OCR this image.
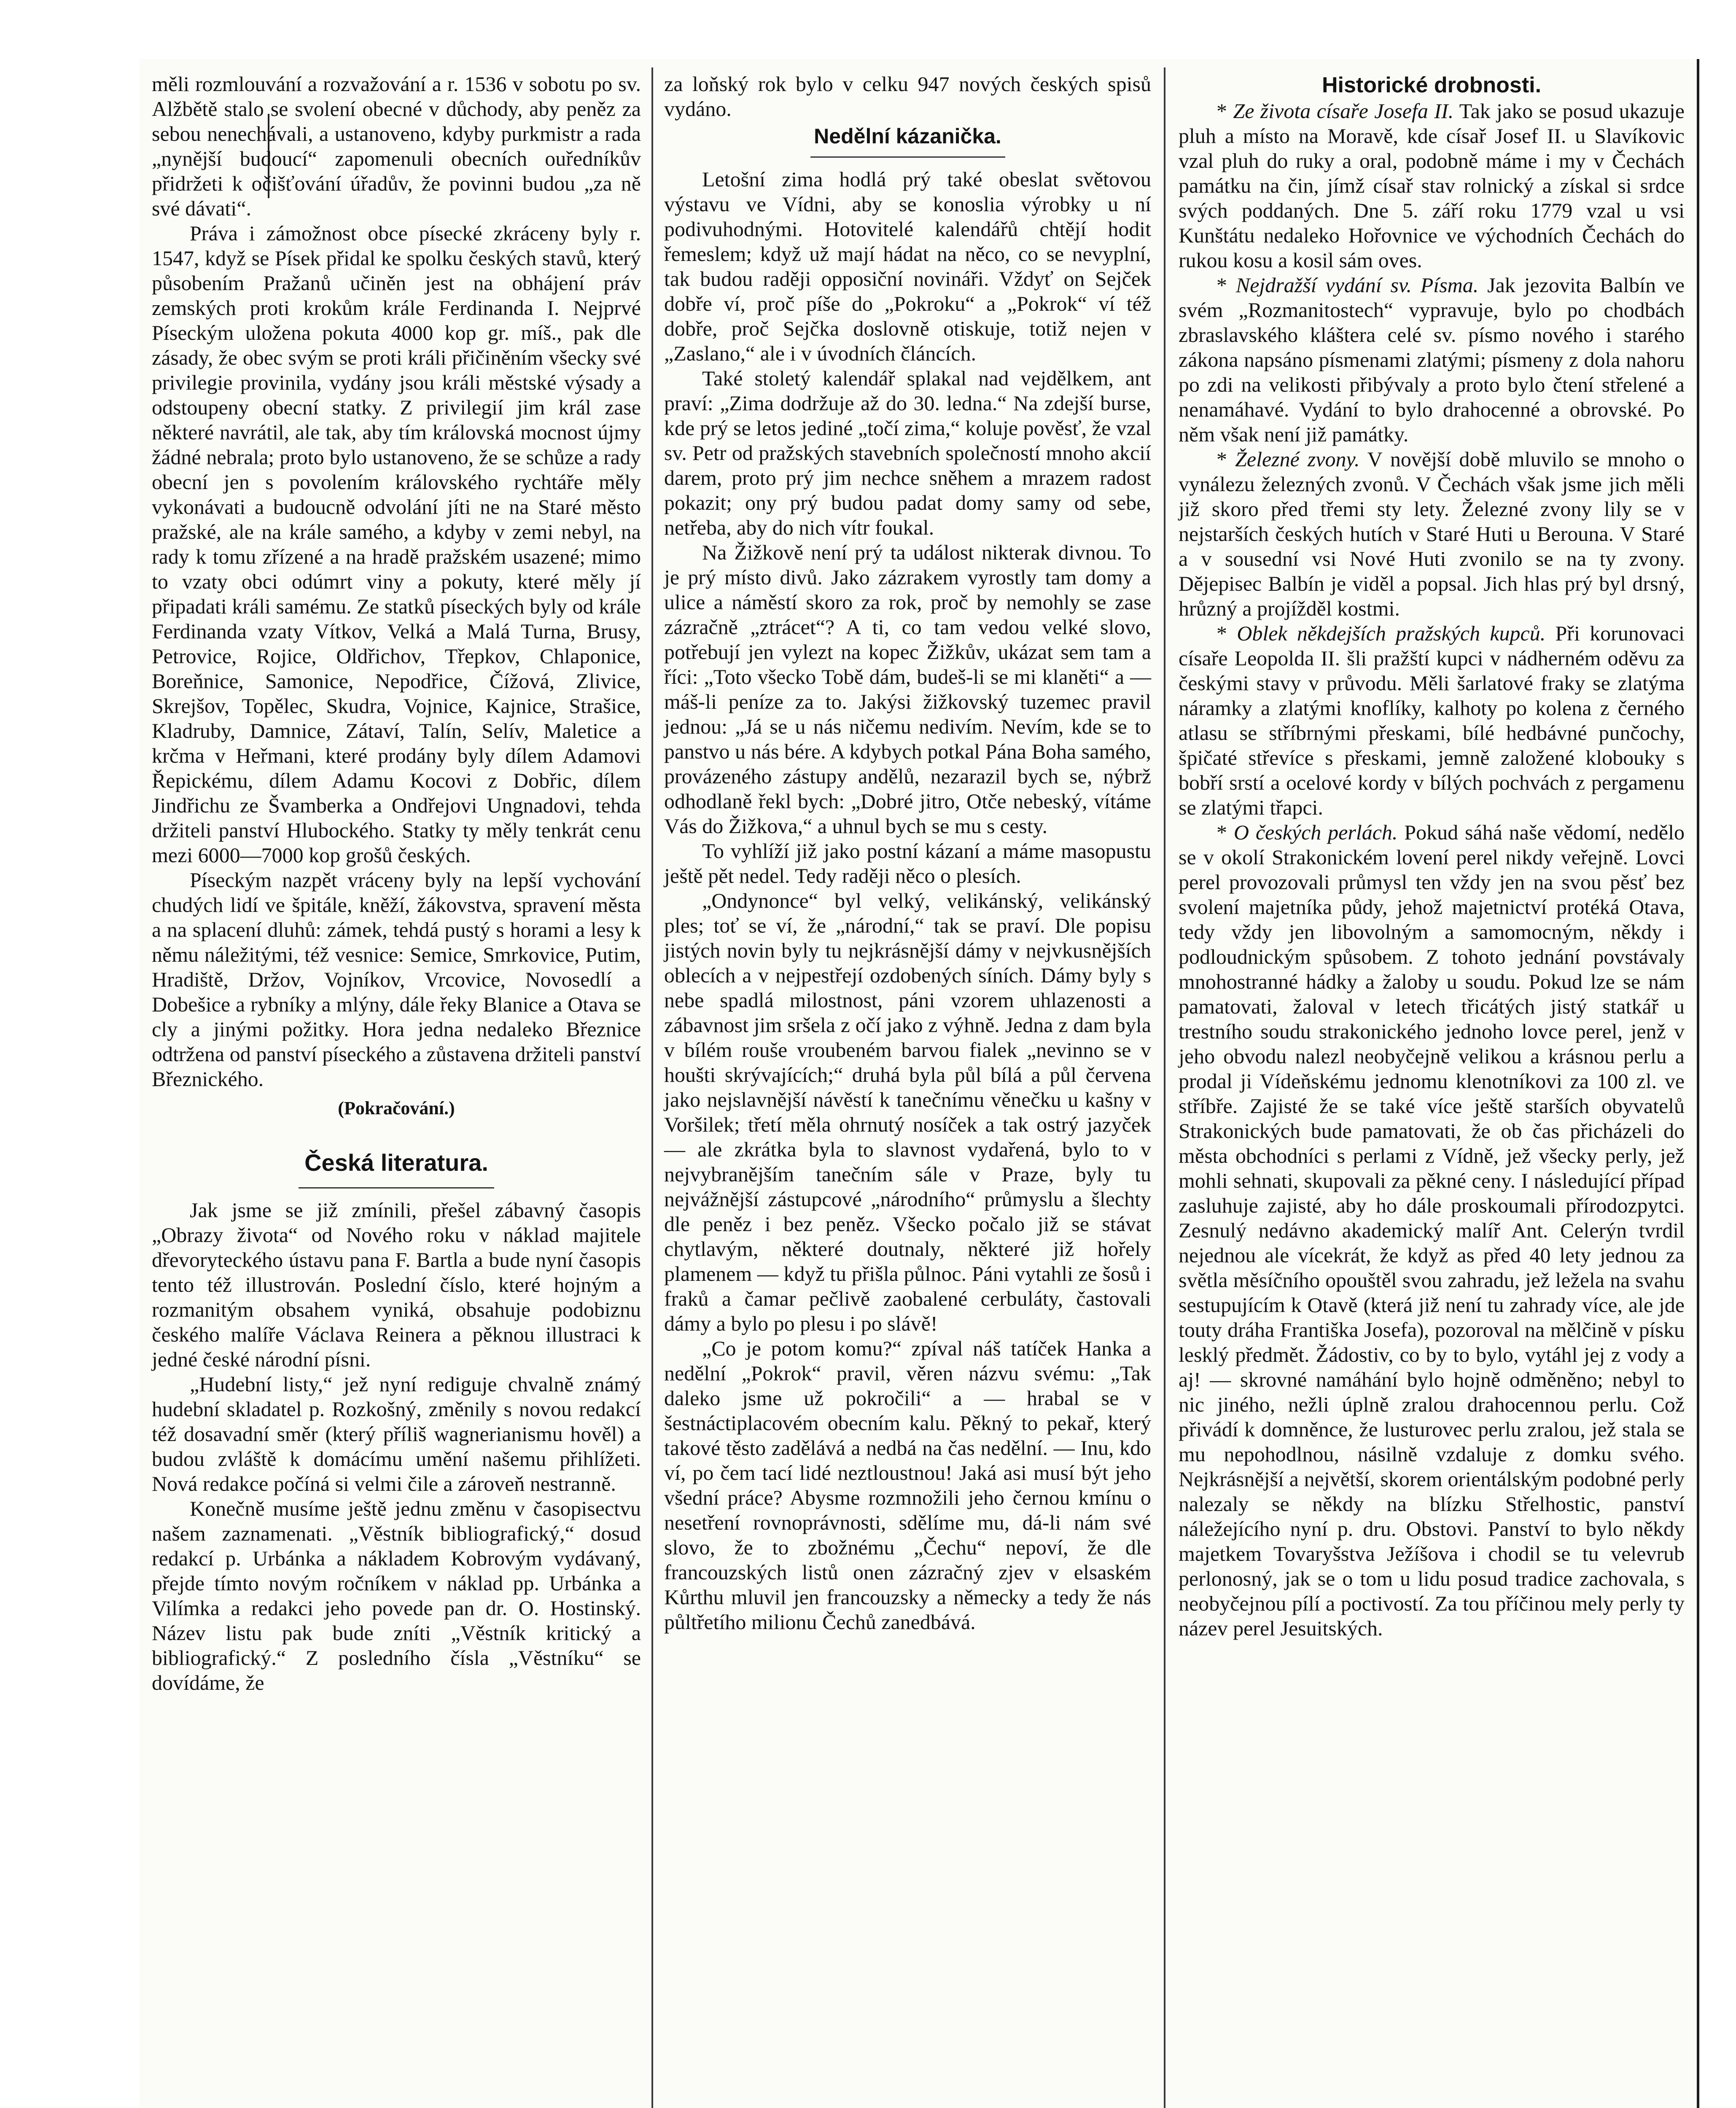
měli rozmlouvání a rozvažování a r. 1536 v sobotu po sv. Alžbětě stalo se svolení obecné v důchody, aby peněz za sebou nenechávali, a ustanoveno, kdyby purkmistr a rada „nynější budoucí“ zapomenuli obecních ouředníkův přidržeti k očišťování úřadův, že povinni budou „za ně své dávati“.

Práva i zámožnost obce písecké zkráceny byly r. 1547, když se Písek přidal ke spolku českých stavů, který působením Pražanů učiněn jest na obhájení práv zemských proti krokům krále Ferdinanda I. Nejprvé Píseckým uložena pokuta 4000 kop gr. míš., pak dle zásady, že obec svým se proti králi přičiněním všecky své privilegie provinila, vydány jsou králi městské výsady a odstoupeny obecní statky. Z privilegií jim král zase některé navrátil, ale tak, aby tím královská mocnost újmy žádné nebrala; proto bylo ustanoveno, že se schůze a rady obecní jen s povolením královského rychtáře měly vykonávati a budoucně odvolání jíti ne na Staré město pražské, ale na krále samého, a kdyby v zemi nebyl, na rady k tomu zřízené a na hradě pražském usazené; mimo to vzaty obci odúmrt viny a pokuty, které měly jí připadati králi samému. Ze statků píseckých byly od krále Ferdinanda vzaty Vítkov, Velká a Malá Turna, Brusy, Petrovice, Rojice, Oldřichov, Třepkov, Chlaponice, Boreňnice, Samonice, Nepodřice, Čížová, Zlivice, Skrejšov, Topělec, Skudra, Vojnice, Kajnice, Strašice, Kladruby, Damnice, Zátaví, Talín, Selív, Maletice a krčma v Heřmani, které prodány byly dílem Adamovi Řepickému, dílem Adamu Kocovi z Dobřic, dílem Jindřichu ze Švamberka a Ondřejovi Ungnadovi, tehda držiteli panství Hlubockého. Statky ty měly tenkrát cenu mezi 6000—7000 kop grošů českých.

Píseckým nazpět vráceny byly na lepší vychování chudých lidí ve špitále, kněží, žákovstva, spravení města a na splacení dluhů: zámek, tehdá pustý s horami a lesy k němu náležitými, též vesnice: Semice, Smrkovice, Putim, Hradiště, Držov, Vojníkov, Vrcovice, Novosedlí a Dobešice a rybníky a mlýny, dále řeky Blanice a Otava se cly a jinými požitky. Hora jedna nedaleko Březnice odtržena od panství píseckého a zůstavena držiteli panství Březnického.

(Pokračování.)
Česká literatura.

Jak jsme se již zmínili, přešel zábavný časopis „Obrazy života“ od Nového roku v náklad majitele dřevoryteckého ústavu pana F. Bartla a bude nyní časopis tento též illustrován. Poslední číslo, které hojným a rozmanitým obsahem vyniká, obsahuje podobiznu českého malíře Václava Reinera a pěknou illustraci k jedné české národní písni.

„Hudební listy,“ jež nyní rediguje chvalně známý hudební skladatel p. Rozkošný, změnily s novou redakcí též dosavadní směr (který příliš wagnerianismu hověl) a budou zvláště k domácímu umění našemu přihlížeti. Nová redakce počíná si velmi čile a zároveň nestranně.

Konečně musíme ještě jednu změnu v časopisectvu našem zaznamenati. „Věstník bibliografický,“ dosud redakcí p. Urbánka a nákladem Kobrovým vydávaný, přejde tímto novým ročníkem v náklad pp. Urbánka a Vilímka a redakci jeho povede pan dr. O. Hostinský. Název listu pak bude zníti „Věstník kritický a bibliografický.“ Z posledního čísla „Věstníku“ se dovídáme, že

za loňský rok bylo v celku 947 nových českých spisů vydáno.

Nedělní kázanička.

Letošní zima hodlá prý také obeslat světovou výstavu ve Vídni, aby se konoslia výrobky u ní podivuhodnými. Hotovitelé kalendářů chtějí hodit řemeslem; když už mají hádat na něco, co se nevyplní, tak budou raději opposiční novináři. Vždyť on Sejček dobře ví, proč píše do „Pokroku“ a „Pokrok“ ví též dobře, proč Sejčka doslovně otiskuje, totiž nejen v „Zaslano,“ ale i v úvodních článcích.

Také stoletý kalendář splakal nad vejdělkem, ant praví: „Zima dodržuje až do 30. ledna.“ Na zdejší burse, kde prý se letos jediné „točí zima,“ koluje pověsť, že vzal sv. Petr od pražských stavebních společností mnoho akcií darem, proto prý jim nechce sněhem a mrazem radost pokazit; ony prý budou padat domy samy od sebe, netřeba, aby do nich vítr foukal.

Na Žižkově není prý ta událost nikterak divnou. To je prý místo divů. Jako zázrakem vyrostly tam domy a ulice a náměstí skoro za rok, proč by nemohly se zase zázračně „ztrácet“? A ti, co tam vedou velké slovo, potřebují jen vylezt na kopec Žižkův, ukázat sem tam a říci: „Toto všecko Tobě dám, budeš-li se mi klaněti“ a — máš-li peníze za to. Jakýsi žižkovský tuzemec pravil jednou: „Já se u nás ničemu nedivím. Nevím, kde se to panstvo u nás bére. A kdybych potkal Pána Boha samého, provázeného zástupy andělů, nezarazil bych se, nýbrž odhodlaně řekl bych: „Dobré jitro, Otče nebeský, vítáme Vás do Žižkova,“ a uhnul bych se mu s cesty.

To vyhlíží již jako postní kázaní a máme masopustu ještě pět nedel. Tedy raději něco o plesích.

„Ondynonce“ byl velký, velikánský, velikánský ples; toť se ví, že „národní,“ tak se praví. Dle popisu jistých novin byly tu nejkrásnější dámy v nejvkusnějších oblecích a v nejpestřejí ozdobených síních. Dámy byly s nebe spadlá milostnost, páni vzorem uhlazenosti a zábavnost jim sršela z očí jako z výhně. Jedna z dam byla v bílém rouše vroubeném barvou fialek „nevinno se v houšti skrývajících;“ druhá byla půl bílá a půl červena jako nejslavnější návěstí k tanečnímu věnečku u kašny v Voršilek; třetí měla ohrnutý nosíček a tak ostrý jazyček — ale zkrátka byla to slavnost vydařená, bylo to v nejvybranějším tanečním sále v Praze, byly tu nejvážnější zástupcové „národního“ průmyslu a šlechty dle peněz i bez peněz. Všecko počalo již se stávat chytlavým, některé doutnaly, některé již hořely plamenem — když tu přišla půlnoc. Páni vytahli ze šosů i fraků a čamar pečlivě zaobalené cerbuláty, častovali dámy a bylo po plesu i po slávě!

„Co je potom komu?“ zpíval náš tatíček Hanka a nedělní „Pokrok“ pravil, věren názvu svému: „Tak daleko jsme už pokročili“ a — hrabal se v šestnáctiplacovém obecním kalu. Pěkný to pekař, který takové těsto zadělává a nedbá na čas nedělní. — Inu, kdo ví, po čem tací lidé neztloustnou! Jaká asi musí být jeho všední práce? Abysme rozmnožili jeho černou kmínu o nesetření rovnoprávnosti, sdělíme mu, dá-li nám své slovo, že to zbožnému „Čechu“ nepoví, že dle francouzských listů onen zázračný zjev v elsaském Kůrthu mluvil jen francouzsky a německy a tedy že nás půltřetího milionu Čechů zanedbává.

Historické drobnosti.

* Ze života císaře Josefa II. Tak jako se posud ukazuje pluh a místo na Moravě, kde císař Josef II. u Slavíkovic vzal pluh do ruky a oral, podobně máme i my v Čechách památku na čin, jímž císař stav rolnický a získal si srdce svých poddaných. Dne 5. září roku 1779 vzal u vsi Kunštátu nedaleko Hořovnice ve východních Čechách do rukou kosu a kosil sám oves.

* Nejdražší vydání sv. Písma. Jak jezovita Balbín ve svém „Rozmanitostech“ vypravuje, bylo po chodbách zbraslavského kláštera celé sv. písmo nového i starého zákona napsáno písmenami zlatými; písmeny z dola nahoru po zdi na velikosti přibývaly a proto bylo čtení střelené a nenamáhavé. Vydání to bylo drahocenné a obrovské. Po něm však není již památky.

* Železné zvony. V novější době mluvilo se mnoho o vynálezu železných zvonů. V Čechách však jsme jich měli již skoro před třemi sty lety. Železné zvony lily se v nejstarších českých hutích v Staré Huti u Berouna. V Staré a v sousední vsi Nové Huti zvonilo se na ty zvony. Dějepisec Balbín je viděl a popsal. Jich hlas prý byl drsný, hrůzný a projížděl kostmi.

* Oblek někdejších pražských kupců. Při korunovaci císaře Leopolda II. šli pražští kupci v nádherném oděvu za českými stavy v průvodu. Měli šarlatové fraky se zlatýma náramky a zlatými knoflíky, kalhoty po kolena z černého atlasu se stříbrnými přeskami, bílé hedbávné punčochy, špičaté střevíce s přeskami, jemně založené klobouky s bobří srstí a ocelové kordy v bílých pochvách z pergamenu se zlatými třapci.

* O českých perlách. Pokud sáhá naše vědomí, nedělo se v okolí Strakonickém lovení perel nikdy veřejně. Lovci perel provozovali průmysl ten vždy jen na svou pěsť bez svolení majetníka půdy, jehož majetnictví protéká Otava, tedy vždy jen libovolným a samomocným, někdy i podloudnickým spůsobem. Z tohoto jednání povstávaly mnohostranné hádky a žaloby u soudu. Pokud lze se nám pamatovati, žaloval v letech třicátých jistý statkář u trestního soudu strakonického jednoho lovce perel, jenž v jeho obvodu nalezl neobyčejně velikou a krásnou perlu a prodal ji Vídeňskému jednomu klenotníkovi za 100 zl. ve stříbře. Zajisté že se také více ještě starších obyvatelů Strakonických bude pamatovati, že ob čas přicházeli do města obchodníci s perlami z Vídně, jež všecky perly, jež mohli sehnati, skupovali za pěkné ceny. I následující případ zasluhuje zajisté, aby ho dále proskoumali přírodozpytci. Zesnulý nedávno akademický malíř Ant. Celerýn tvrdil nejednou ale vícekrát, že když as před 40 lety jednou za světla měsíčního opouštěl svou zahradu, jež ležela na svahu sestupujícím k Otavě (která již není tu zahrady více, ale jde touty dráha Františka Josefa), pozoroval na mělčině v písku lesklý předmět. Žádostiv, co by to bylo, vytáhl jej z vody a aj! — skrovné namáhání bylo hojně odměněno; nebyl to nic jiného, nežli úplně zralou drahocennou perlu. Což přivádí k domněnce, že lusturovec perlu zralou, jež stala se mu nepohodlnou, násilně vzdaluje z domku svého. Nejkrásnější a největší, skorem orientálským podobné perly nalezaly se někdy na blízku Střelhostic, panství náležejícího nyní p. dru. Obstovi. Panství to bylo někdy majetkem Tovaryšstva Ježíšova i chodil se tu velevrub perlonosný, jak se o tom u lidu posud tradice zachovala, s neobyčejnou pílí a poctivostí. Za tou příčinou mely perly ty název perel Jesuitských.
